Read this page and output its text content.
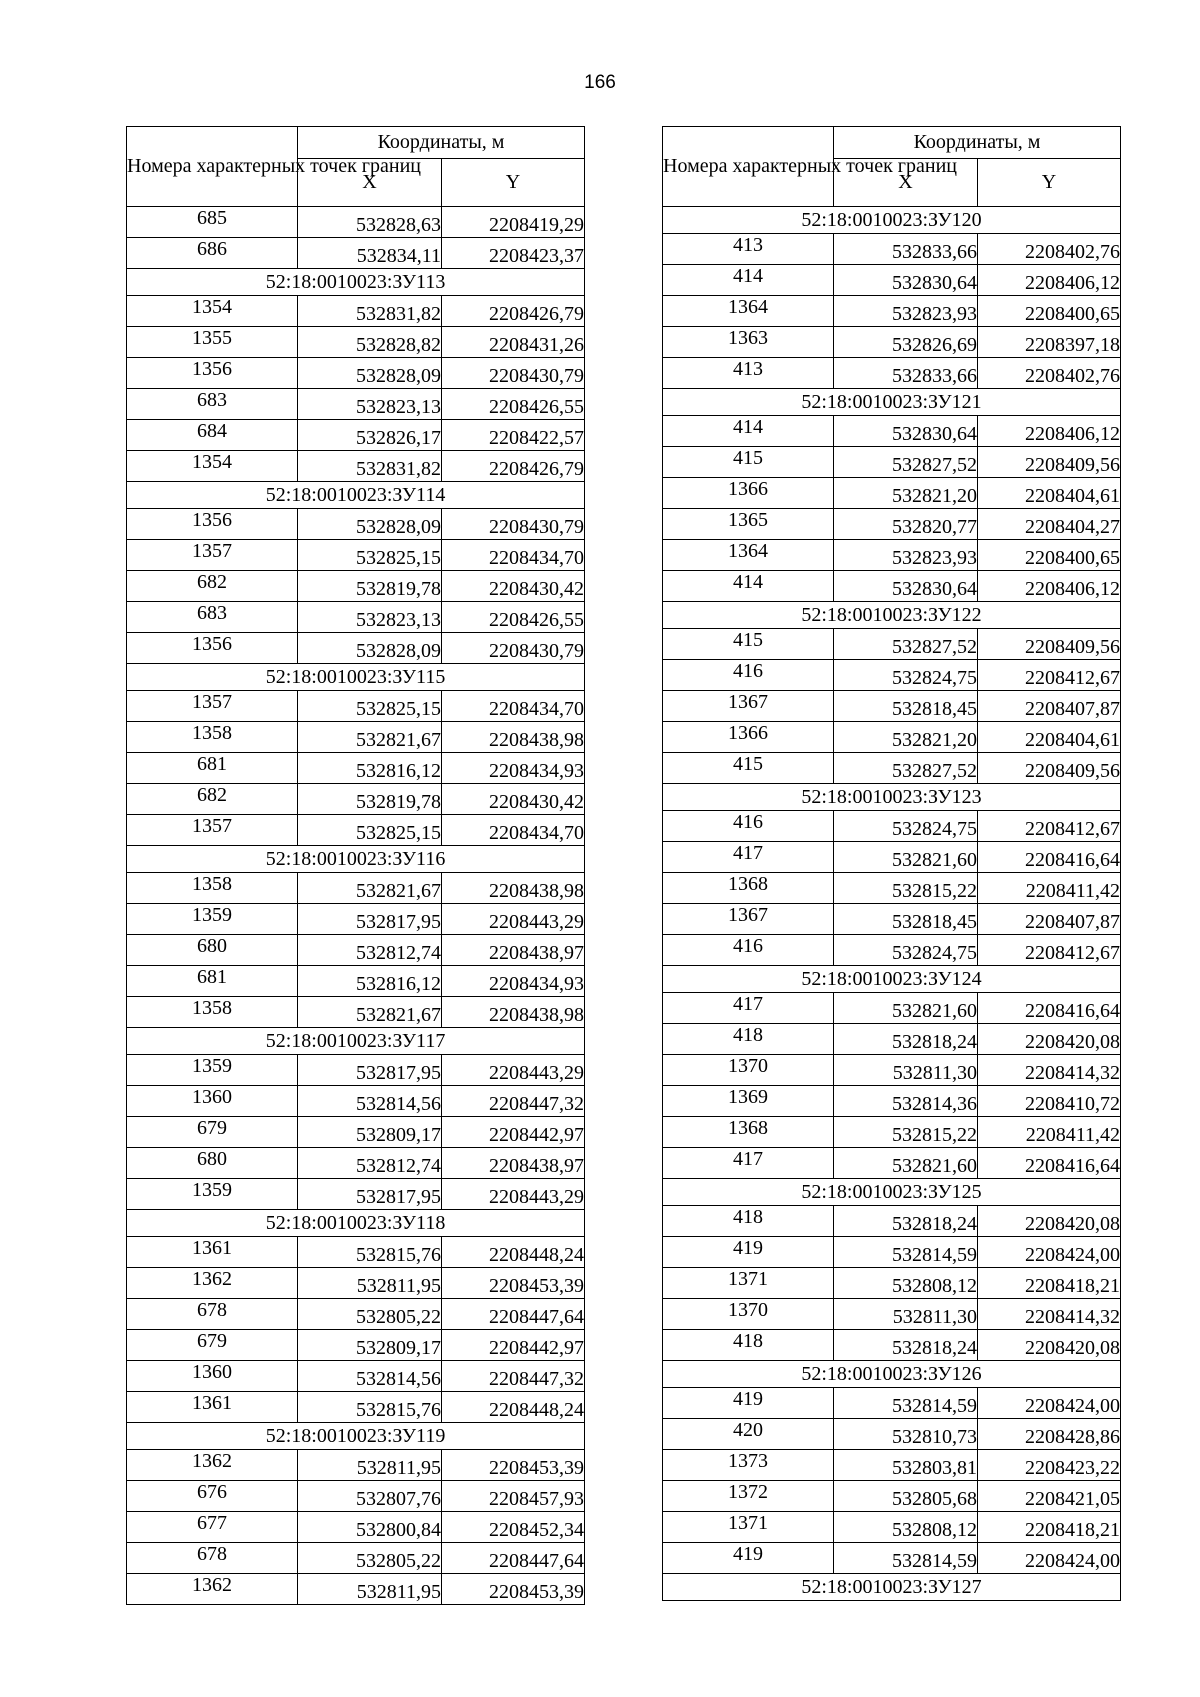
166
Номера характерных точек границ	Координаты, м	
	X	Y
685	532828,63	2208419,29
686	532834,11	2208423,37
52:18:0010023:ЗУ113		
1354	532831,82	2208426,79
1355	532828,82	2208431,26
1356	532828,09	2208430,79
683	532823,13	2208426,55
684	532826,17	2208422,57
1354	532831,82	2208426,79
52:18:0010023:ЗУ114		
1356	532828,09	2208430,79
1357	532825,15	2208434,70
682	532819,78	2208430,42
683	532823,13	2208426,55
1356	532828,09	2208430,79
52:18:0010023:ЗУ115		
1357	532825,15	2208434,70
1358	532821,67	2208438,98
681	532816,12	2208434,93
682	532819,78	2208430,42
1357	532825,15	2208434,70
52:18:0010023:ЗУ116		
1358	532821,67	2208438,98
1359	532817,95	2208443,29
680	532812,74	2208438,97
681	532816,12	2208434,93
1358	532821,67	2208438,98
52:18:0010023:ЗУ117		
1359	532817,95	2208443,29
1360	532814,56	2208447,32
679	532809,17	2208442,97
680	532812,74	2208438,97
1359	532817,95	2208443,29
52:18:0010023:ЗУ118		
1361	532815,76	2208448,24
1362	532811,95	2208453,39
678	532805,22	2208447,64
679	532809,17	2208442,97
1360	532814,56	2208447,32
1361	532815,76	2208448,24
52:18:0010023:ЗУ119		
1362	532811,95	2208453,39
676	532807,76	2208457,93
677	532800,84	2208452,34
678	532805,22	2208447,64
1362	532811,95	2208453,39
Номера характерных точек границ	Координаты, м	
	X	Y
52:18:0010023:ЗУ120		
413	532833,66	2208402,76
414	532830,64	2208406,12
1364	532823,93	2208400,65
1363	532826,69	2208397,18
413	532833,66	2208402,76
52:18:0010023:ЗУ121		
414	532830,64	2208406,12
415	532827,52	2208409,56
1366	532821,20	2208404,61
1365	532820,77	2208404,27
1364	532823,93	2208400,65
414	532830,64	2208406,12
52:18:0010023:ЗУ122		
415	532827,52	2208409,56
416	532824,75	2208412,67
1367	532818,45	2208407,87
1366	532821,20	2208404,61
415	532827,52	2208409,56
52:18:0010023:ЗУ123		
416	532824,75	2208412,67
417	532821,60	2208416,64
1368	532815,22	2208411,42
1367	532818,45	2208407,87
416	532824,75	2208412,67
52:18:0010023:ЗУ124		
417	532821,60	2208416,64
418	532818,24	2208420,08
1370	532811,30	2208414,32
1369	532814,36	2208410,72
1368	532815,22	2208411,42
417	532821,60	2208416,64
52:18:0010023:ЗУ125		
418	532818,24	2208420,08
419	532814,59	2208424,00
1371	532808,12	2208418,21
1370	532811,30	2208414,32
418	532818,24	2208420,08
52:18:0010023:ЗУ126		
419	532814,59	2208424,00
420	532810,73	2208428,86
1373	532803,81	2208423,22
1372	532805,68	2208421,05
1371	532808,12	2208418,21
419	532814,59	2208424,00
52:18:0010023:ЗУ127		
